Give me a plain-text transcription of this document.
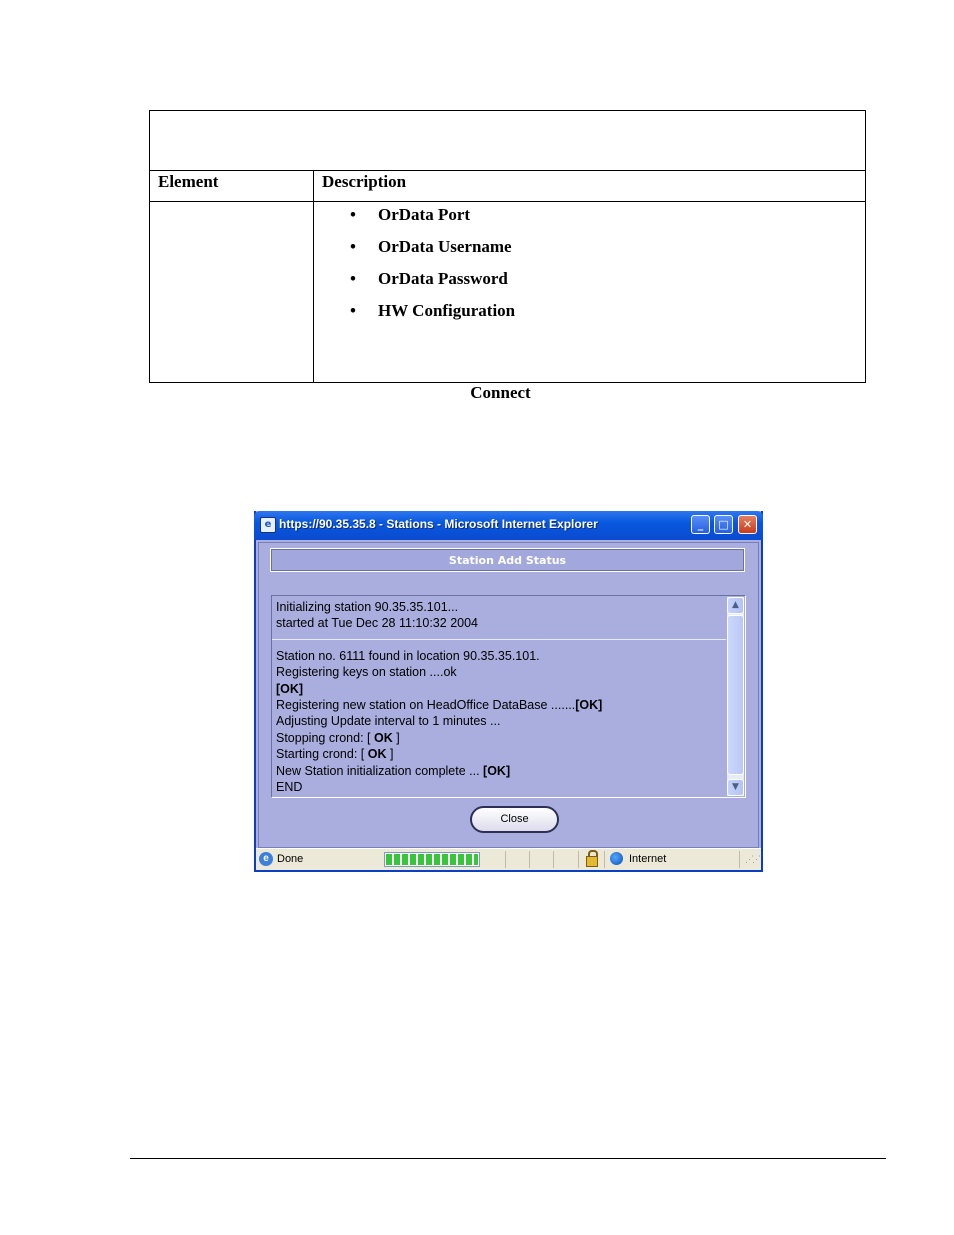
Element	Description
• OrData Port
• OrData Username
• OrData Password
• HW Configuration
Connect
e https://90.35.35.8 - Stations - Microsoft Internet Explorer	_	□	✕
Station Add Status
Initializing station 90.35.35.101...
started at Tue Dec 28 11:10:32 2004
Station no. 6111 found in location 90.35.35.101.
Registering keys on station ....ok
[OK]
Registering new station on HeadOffice DataBase .......[OK]
Adjusting Update interval to 1 minutes ...
Stopping crond: [ OK ]
Starting crond: [ OK ]
New Station initialization complete ... [OK]
END
▲
▼
Close
e Done	Internet	⋰⋰
